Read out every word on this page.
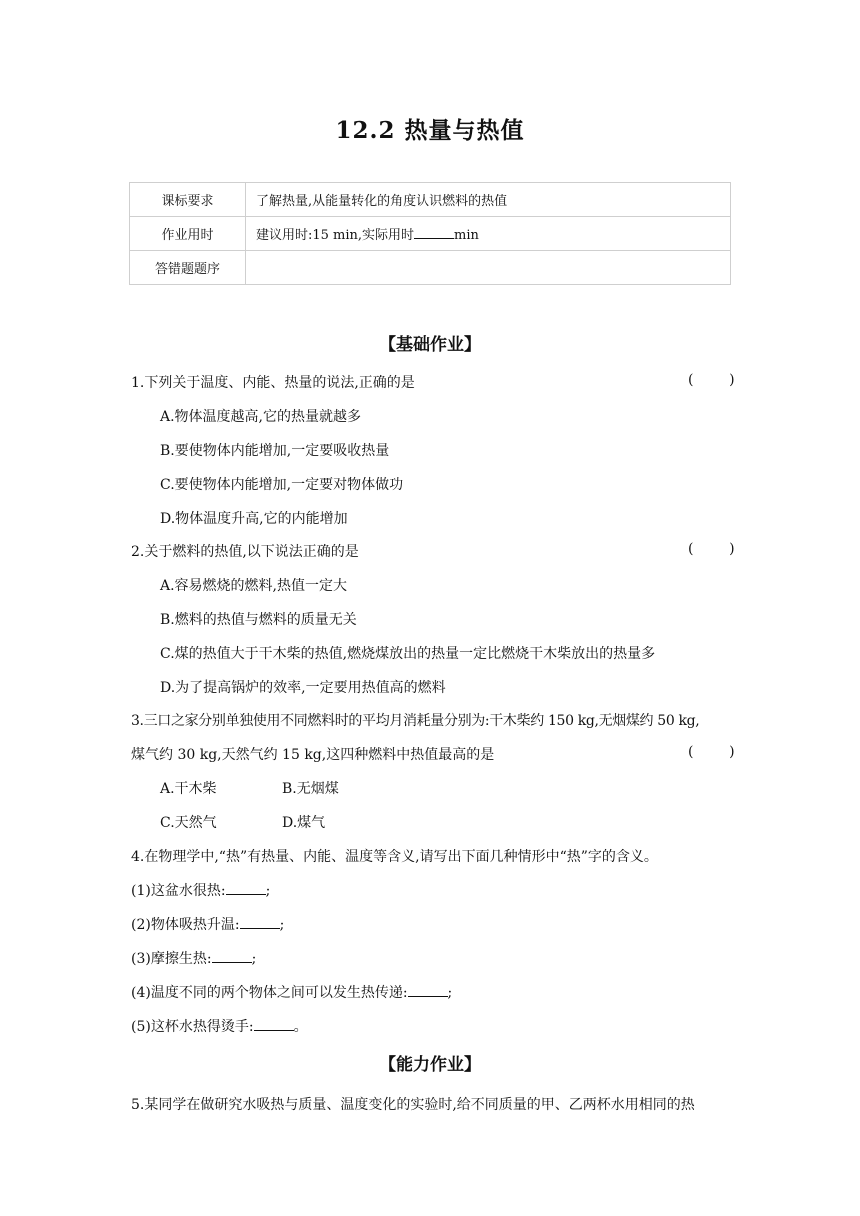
12.2 热量与热值
课标要求	了解热量,从能量转化的角度认识燃料的热值
作业用时	建议用时:15 min,实际用时 min
答错题题序	
【基础作业】
1.下列关于温度、内能、热量的说法,正确的是	(        )
A.物体温度越高,它的热量就越多
B.要使物体内能增加,一定要吸收热量
C.要使物体内能增加,一定要对物体做功
D.物体温度升高,它的内能增加
2.关于燃料的热值,以下说法正确的是	(        )
A.容易燃烧的燃料,热值一定大
B.燃料的热值与燃料的质量无关
C.煤的热值大于干木柴的热值,燃烧煤放出的热量一定比燃烧干木柴放出的热量多
D.为了提高锅炉的效率,一定要用热值高的燃料
3.三口之家分别单独使用不同燃料时的平均月消耗量分别为:干木柴约 150 kg,无烟煤约 50 kg,
煤气约 30 kg,天然气约 15 kg,这四种燃料中热值最高的是	(        )
A.干木柴	B.无烟煤
C.天然气	D.煤气
4.在物理学中,“热”有热量、内能、温度等含义,请写出下面几种情形中“热”字的含义。
(1)这盆水很热:	;
(2)物体吸热升温:	;
(3)摩擦生热:	;
(4)温度不同的两个物体之间可以发生热传递:	;
(5)这杯水热得烫手:	。
【能力作业】
5.某同学在做研究水吸热与质量、温度变化的实验时,给不同质量的甲、乙两杯水用相同的热
